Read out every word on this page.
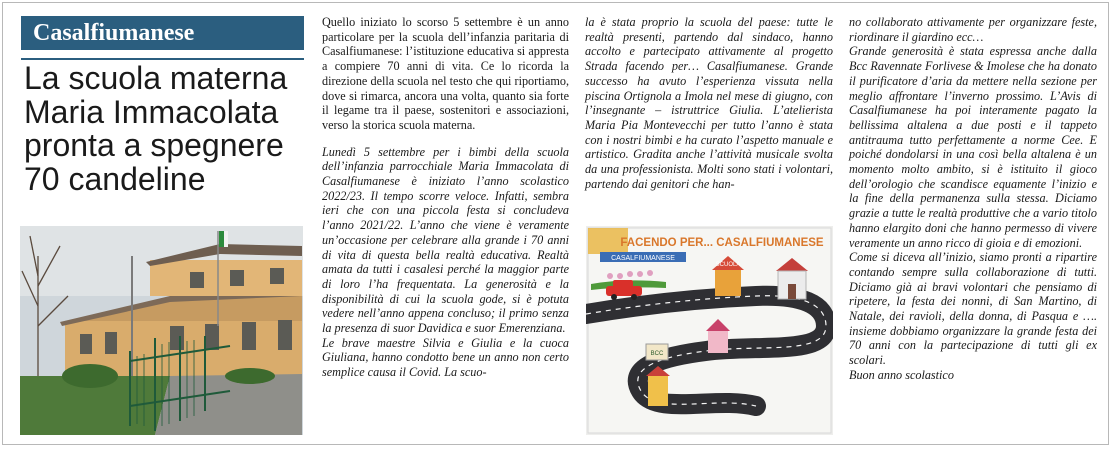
Casalfiumanese
La scuola materna Maria Immacolata pronta a spegnere 70 candeline

Quello iniziato lo scorso 5 settembre è un anno particolare per la scuola dell’infanzia paritaria di Casalfiumanese: l’istituzione educativa si appresta a compiere 70 anni di vita. Ce lo ricorda la direzione della scuola nel testo che qui riportiamo, dove si rimarca, ancora una volta, quanto sia forte il legame tra il paese, sostenitori e associazioni, verso la storica scuola materna.

Lunedì 5 settembre per i bimbi della scuola dell’infanzia parrocchiale Maria Immacolata di Casalfiumanese è iniziato l’anno scolastico 2022/23. Il tempo scorre veloce. Infatti, sembra ieri che con una piccola festa si concludeva l’anno 2021/22. L’anno che viene è veramente un’occasione per celebrare alla grande i 70 anni di vita di questa bella realtà educativa. Realtà amata da tutti i casalesi perché la maggior parte di loro l’ha frequentata. La generosità e la disponibilità di cui la scuola gode, si è potuta vedere nell’anno appena concluso; il primo senza la presenza di suor Davidica e suor Emerenziana.

Le brave maestre Silvia e Giulia e la cuoca Giuliana, hanno condotto bene un anno non certo semplice causa il Covid. La scuo-

la è stata proprio la scuola del paese: tutte le realtà presenti, partendo dal sindaco, hanno accolto e partecipato attivamente al progetto Strada facendo per… Casalfiumanese. Grande successo ha avuto l’esperienza vissuta nella piscina Ortignola a Imola nel mese di giugno, con l’insegnante – istruttrice Giulia. L’atelierista Maria Pia Montevecchi per tutto l’anno è stata con i nostri bimbi e ha curato l’aspetto manuale e artistico. Gradita anche l’attività musicale svolta da una professionista. Molti sono stati i volontari, partendo dai genitori che han-

FACENDO PER... CASALFIUMANESE
CASALFIUMANESE
SCUOLA
BCC

no collaborato attivamente per organizzare feste, riordinare il giardino ecc…

Grande generosità è stata espressa anche dalla Bcc Ravennate Forlivese & Imolese che ha donato il purificatore d’aria da mettere nella sezione per meglio affrontare l’inverno prossimo. L’Avis di Casalfiumanese ha poi interamente pagato la bellissima altalena a due posti e il tappeto antitrauma tutto perfettamente a norme Cee. E poiché dondolarsi in una così bella altalena è un momento molto ambito, si è istituito il gioco dell’orologio che scandisce equamente l’inizio e la fine della permanenza sulla stessa. Diciamo grazie a tutte le realtà produttive che a vario titolo hanno elargito doni che hanno permesso di vivere veramente un anno ricco di gioia e di emozioni.

Come si diceva all’inizio, siamo pronti a ripartire contando sempre sulla collaborazione di tutti. Diciamo già ai bravi volontari che pensiamo di ripetere, la festa dei nonni, di San Martino, di Natale, dei ravioli, della donna, di Pasqua e …. insieme dobbiamo organizzare la grande festa dei 70 anni con la partecipazione di tutti gli ex scolari.

Buon anno scolastico
